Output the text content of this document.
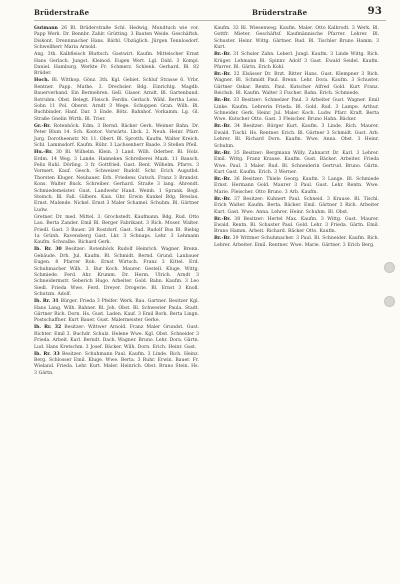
Brüderstraße	Brüderstraße	93

Gutmann 26 Bl. Brüderstraße Schl. Hedwig, Mundtuch wie vor. Papp Werk. Dr. Bennbr. Zahlr. Grütting. 3 Bauten Weide. Geschäftsh. Diskont. Drennmacher Hans. Bärbl. Ubzüglich. Jürgen Tennlosdorf. Schwellherr Maria Arnold.

Ang. 3th. Kalbfleisch Bluttsch. Gastwirt. Kaufm. Mittelscher Ernst Hans Gerlach. Jungst. Kleinod. Eugen Wert. Lgl. Dahl. 3 Kompl. Daniel. Hamburg. Werkte Fr. Schmerz. Schlenk. Gerhard. Bl. 82 Brüder.

Hoch. Bl. Wittkop. Gönz. 3th. Kgl. Gebiet. Schluf Strasse 6. Vrbr. Rentner. Papp. Mathe. 3. Drechsler. Bdg. Einrichtg. Magdb. Bauerverband. Ein Bermehren. Gell. Glaser. Arndt. Bl. Gartenbund. Rotrubm. Obst. Belegt. Fleisch. Ferdin. Gerlach. Wähl. Bertha Lens. Sohn 11 Pol. Oberst. Arndt 3 Wege. Schuppen Gran. Wilh. Bl. Buchbinder. Hanf. Dar. 3 Ende. Bötz. Bahnhof. Vorkamm. Lg. Gl. Straße Gnelin Wirth. Bl. Trier.

Gr.-Br. Rotenhöck. Edm. 3 Bernd. Bäcker Gerk. Weimer Bahn. Dr. Peter Blum 14. Sch. Kontor. Vorwärts. Lbck. 2. Neuh. Heinr. Pfarr. Jurg. Dorotheenstr. Nr. 11. Obert. Bl. Sprotth. Kaufm. Walter Kreich. Schl. Lammsdorf. Kaufm. Rühr. 3 Lachsenherr Baade. 3 Stellen Pfeil.

Hu.-Br. 30 Bl. Wilhelm. Klein. 3 Land. Wilh. Oderber. Bl. Holz. Erdm. 14 Weg. 3 Lande. Hanneken Schreiberei Mazk. 11 Bausch. Felix Ruhl. Dörling. 3 fr. Gottfried. Gast. Rent. Wilhelm. Pfarrs. 3 Vormert. Kauf. Gesch. Schweizer Rudolf. Schr. Erich Augutbd. Thorsten Kluger. Neubauer. Erb. Friedens Gutsch. Franz 3 Brandst. Kons. Walter Buck. Schreiber. Gerhard. Straße 3 lang. Ahrendt. Schmiedemeister. Gust. Landwehr Hand. Weinh. 1 Sprank. Bogl. Steinch. Bl. Fall. Gilbers. Kais. Gbr. Erwin Kunkel Bdg. Breslau. Ernst. Malende. Nickel. Ernst 3 Maler Schamel. Schuhm. Bl. Gärtner Ludw.

Gretner. Dr. med. Mittel. 3. Grochstedt. Kaufmann. Bdg. Rud. Otto Lau. Berta Zander. Emil Bl. Berger Fabrikant. 3 Rich. Moser. Walter. Friedl. Gast. 3 Bauer. 28 Rostdorf. Gast. Sud. Rudolf Bus Bl. Biebig 1a Grünh. Ravensberg Gast. Lkr. 3 Schnaps. Lehr. 3 Lehmann Kaufm. Schwalbe. Richard Gerk.

Ib. Rr. 30 Besitzer: Rotenhöck Rudolf Heinrich. Wagner. Brenn. Gebäude. Drh. Jul. Kaufm. Bl. Schmidt. Bernd. Grund. Lanbauer Eugen. 8 Pfarrer Rob. Ernst Wirtsch. Franz 3 Kittel. Erd. Schuhmacher Wilh. 3. Bur Koch. Maurer. Gestell. Kluge. Wittg. Schmiede. Ferd. Ahr. Krumm. Dr. Herm. Ulrich. Arndt 3 Schneidermstr. Seberich Hugo. Arbeiter. Gold. Bahn. Kaufm. 3 Leo Siedl. Frieda Wwe. Ferd. Dreyer. Drogerie. Bl. Ernst 3 Knoll. Schutzm. Adolf.

Ib. Rr. 31 Bürger. Frieda 3 Pfeifer. Werk. Bau. Gartner. Besitzer Kgl. Hans Lang. Wilh. Bahner. Bl. Joh. Obst. Bl. Schwester Paula. Stadt. Gärtner Rich. Dorn. Hs. Gust. Laden. Kauf. 3 Emil Bork. Berta Lingn. Postschaffner. Kurt Bauer. Gust. Malermeister Gerke.

Ib. Rr. 32 Besitzer: Wittwer Arnold. Franz Maler Grundst. Gust. Richter. Emil 3. Buchdr. Schulz. Helene Wwe. Kgl. Obst. Schneider 3 Frieda. Arbeit. Karl. Berndt. Dach. Wagner. Bruno. Lehr. Dora. Gärtn. Lud. Hans Kretschm. 3 Josef. Bäcker. Wilh. Dorn. Erich. Heinr. Gast.

Ib. Rr. 33 Besitzer: Schuhmann Paul. Kaufm. 3 Linde. Rich. Heinz. Berg. Schlosser Emil. Kluge. Wwe. Berta. 3 Ruhr. Erwin. Bauer. Fr. Wieland. Frieda. Lehr. Kurt. Maler. Heinrich. Obst. Bruno Stein. Hs. 3 Gärtn.

Kaufm. 33 Bl. Wiesenweg. Kaufm. Maler. Otto Kalbrodt. 3 Werk. Bl. Gottfr. Mieter. Geschäftsf. Kaufmännische Pfarrer. Lehrer. Bl. Schuster. Heinr. Wittg. Gärtner. Rud. Bl. Tischler Bruno Hamm. 3 Kurt.

Br.-Br. 31 Schuler Zahn. Leberl. Jungl. Kaufm. 3 Linde Wittg. Rich. Krüger. Lehmann Bl. Spinnr. Adolf 3 Gast. Ewald Seidel. Kaufm. Pfarrer. Bl. Gärtn. Erich Kohl.

Br.-Br. 32 Elsässer Dr. Brzt. Ritter Hans. Gust. Klempner 3 Rich. Wagner. Bl. Schmidt Paul. Brenn. Lehr. Dora. Kaufm. 3 Schuster. Gärtner Oskar. Rentn. Paul. Kutscher Alfred Gold. Kurt Franz. Reichsb. Bl. Kaufm. Walter 3 Fischer. Bahn. Erich. Schmiede.

Br.-Br. 33 Besitzer: Schmelzer Paul. 3 Arbeiter Gust. Wagner. Emil Linke. Kaufm. Lehrerin Frieda. Bl. Gold. Rud. 3 Lampe. Arthur. Schneider. Gerk. Heinr. Jul. Maler. Koch. Ludw. Pfarr. Kraft. Berta Wwe. Kutscher Otto. Gast. 3 Fleischer. Bruno Hahn. Bäcker.

Br.-Br. 34 Besitzer: Bürger Kurt. Kaufm. 3 Linde. Rich. Maurer. Ewald. Tischl. Hs. Rentner. Erich. Bl. Gärtner 3 Schmidt. Gust. Arb. Lehrer. Bl. Richard Dorn. Kaufm. Wwe. Anna. Obst. 3 Heinr. Schuhm.

Br.-Br. 35 Besitzer: Bergmann Willy. Zahnarzt Dr. Karl. 3 Lehrer. Emil. Wittg. Franz Krause. Kaufm. Gust. Bäcker. Arbeiter. Frieda Wwe. Paul. 3 Maler. Rud. Bl. Schneiderin Gertrud. Bruno. Gärtn. Kurt Gast. Kaufm. Erich. 3 Werner.

Br.-Br. 36 Besitzer: Thiele Georg. Kaufm. 3 Lange. Bl. Schmiede Ernst. Hermann Gold. Maurer 3 Paul. Gust. Lehr. Rentn. Wwe. Marie. Fleischer. Otto Bruno. 3 Arb. Kaufm.

Br.-Br. 37 Besitzer: Kuhnert Paul. Schneid. 3 Krause. Bl. Tischl. Erich Walter. Kaufm. Berta. Bäcker. Emil. Gärtner 3 Rich. Arbeiter Kurt. Gast. Wwe. Anna. Lehrer. Heinr. Schuhm. Bl. Obst.

Br.-Br. 38 Besitzer: Hertel Max. Kaufm. 3 Wittg. Gust. Maurer. Ewald. Rentn. Bl. Schuster Paul. Gold. Lehr. 3 Frieda. Gärtn. Emil. Bruno Hamm. Arbeit. Richard. Bäcker Otto. Kaufm.

Br.-Br. 39 Wittmer Schuhmacher. 3 Paul. Bl. Schneider. Kaufm. Rich. Lehrer. Arbeiter. Emil. Rentner. Wwe. Marie. Gärtner. 3 Erich Berg.
